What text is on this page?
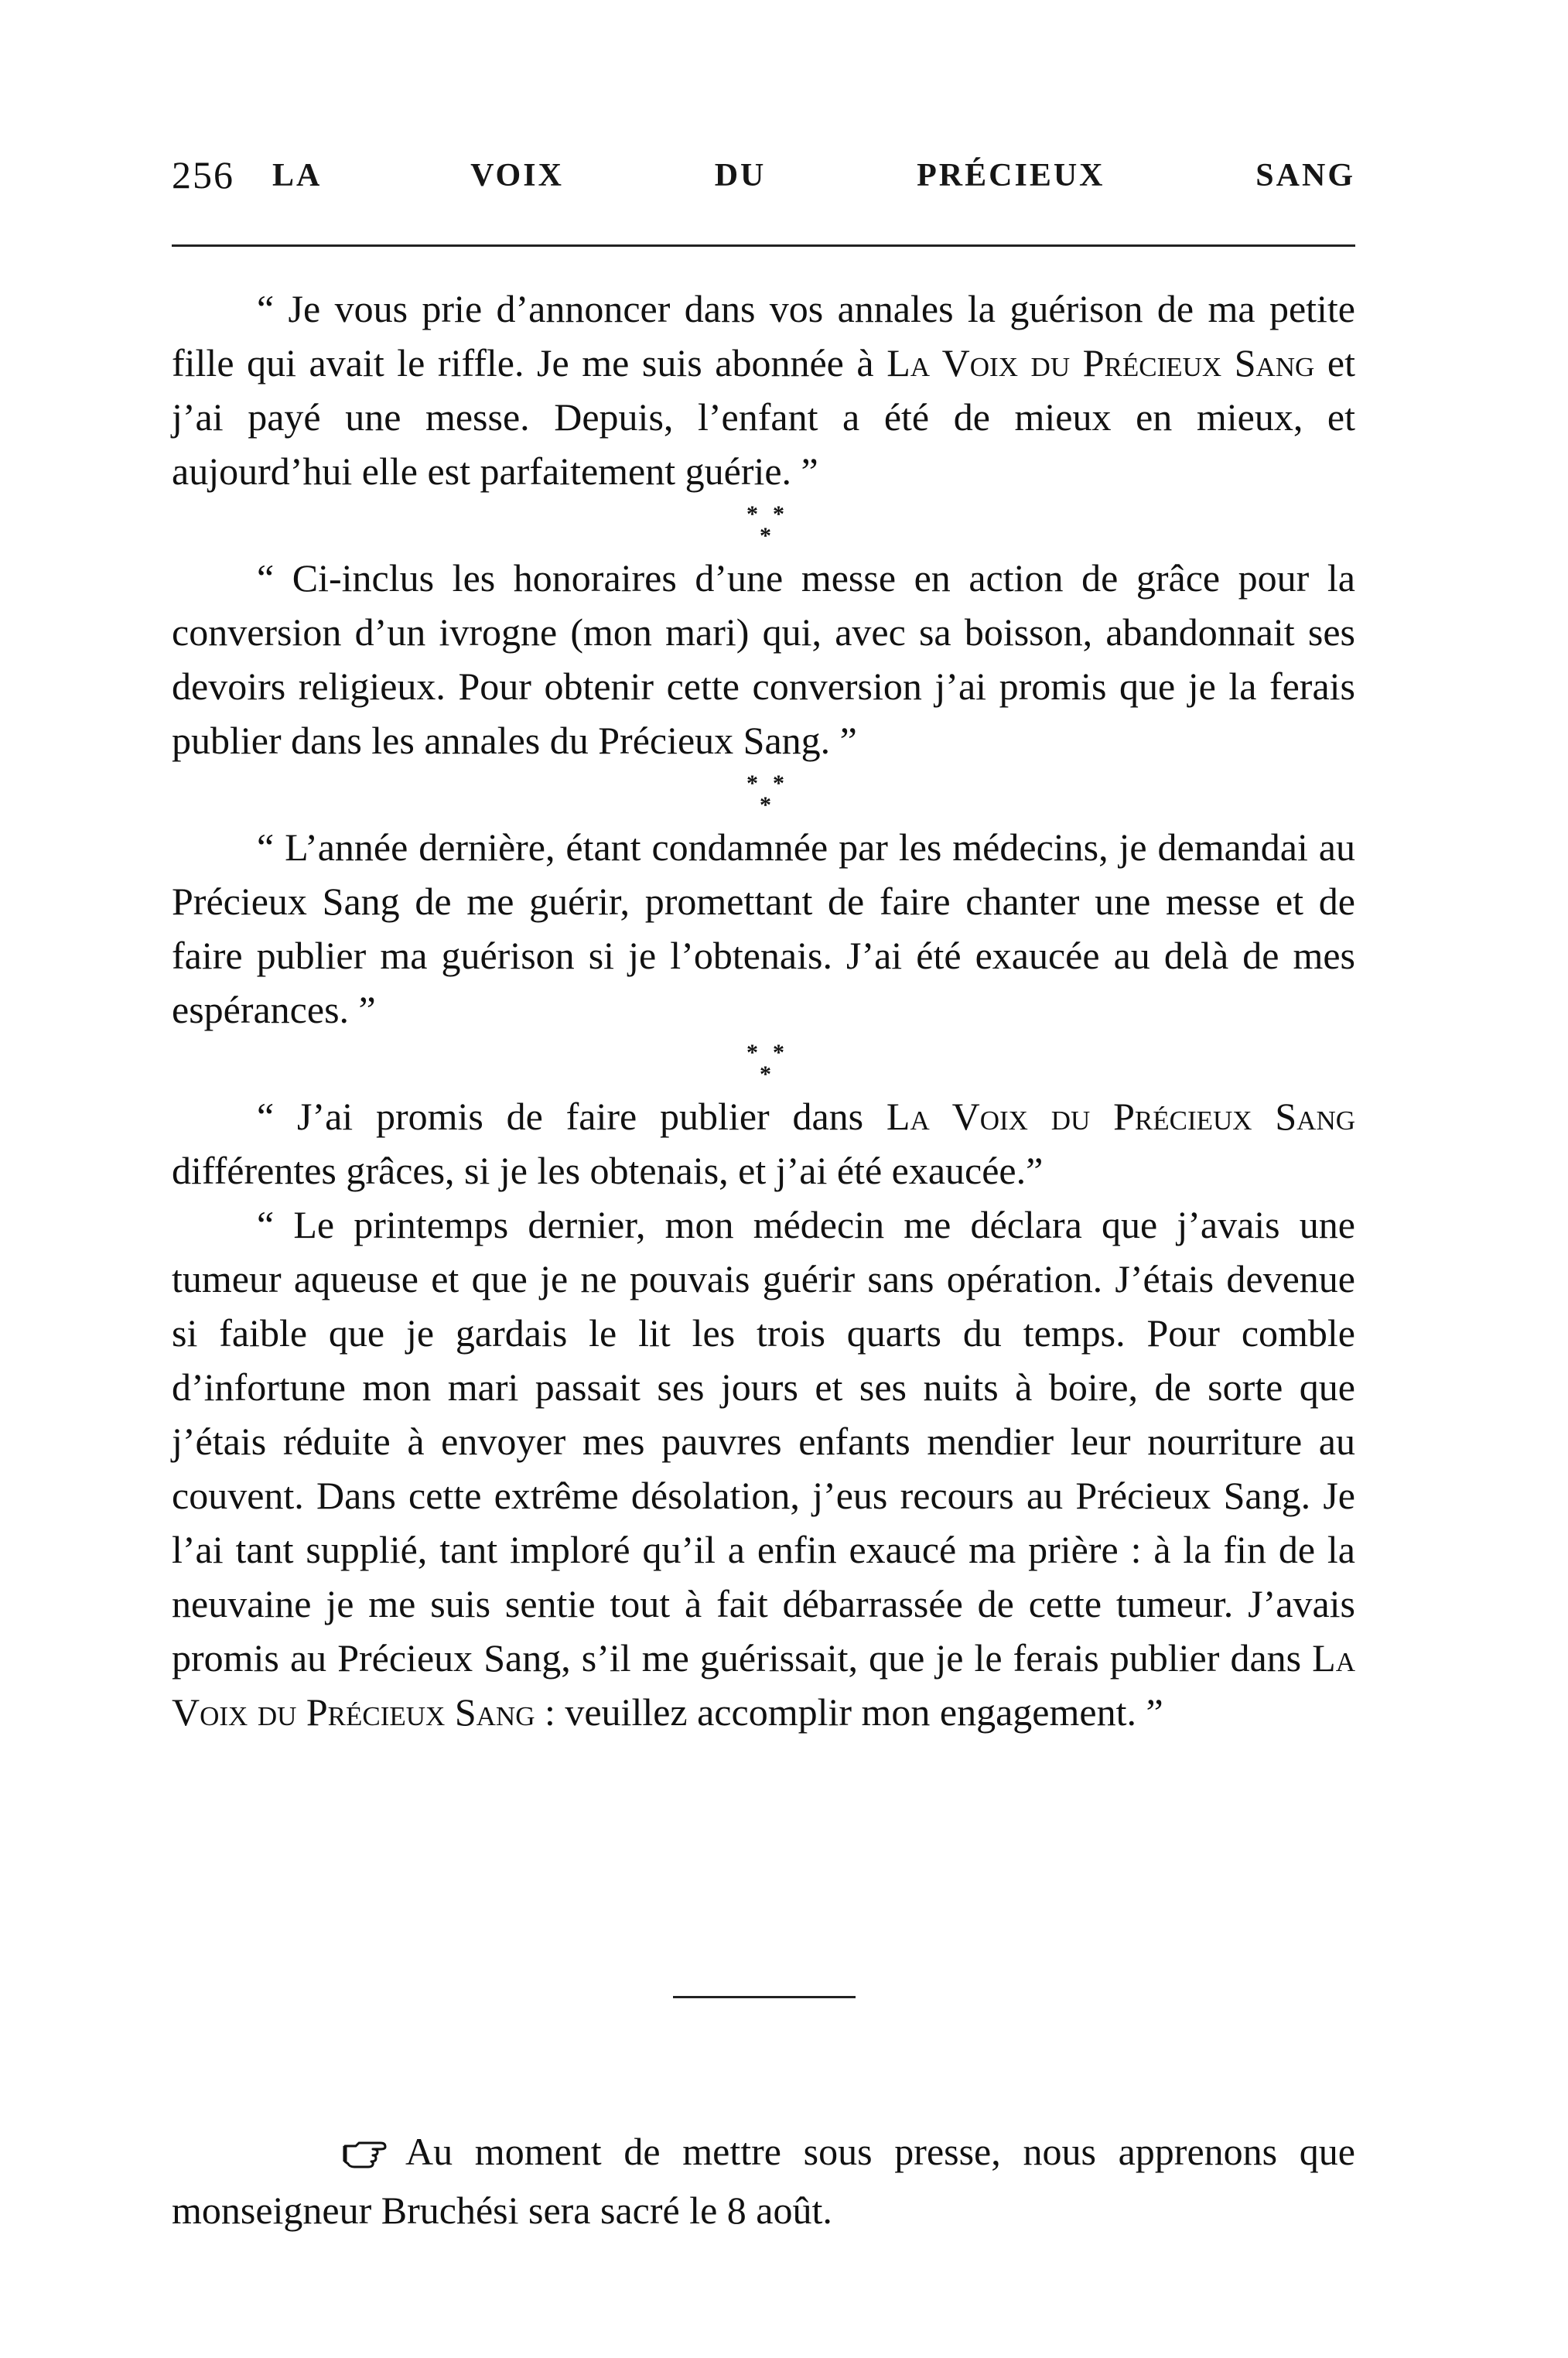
256 LA VOIX DU PRÉCIEUX SANG

“ Je vous prie d’annoncer dans vos annales la guérison de ma petite fille qui avait le riffle. Je me suis abonnée à La Voix du Précieux Sang et j’ai payé une messe. Depuis, l’enfant a été de mieux en mieux, et aujourd’hui elle est parfaitement guérie. ”

* *
*

“ Ci-inclus les honoraires d’une messe en action de grâce pour la conversion d’un ivrogne (mon mari) qui, avec sa boisson, abandonnait ses devoirs religieux. Pour obtenir cette conversion j’ai promis que je la ferais publier dans les annales du Précieux Sang. ”

* *
*

“ L’année dernière, étant condamnée par les médecins, je demandai au Précieux Sang de me guérir, promettant de faire chanter une messe et de faire publier ma guérison si je l’obtenais. J’ai été exaucée au delà de mes espérances. ”

* *
*

“ J’ai promis de faire publier dans La Voix du Précieux Sang différentes grâces, si je les obtenais, et j’ai été exaucée.”

“ Le printemps dernier, mon médecin me déclara que j’avais une tumeur aqueuse et que je ne pouvais guérir sans opération. J’étais devenue si faible que je gardais le lit les trois quarts du temps. Pour comble d’infortune mon mari passait ses jours et ses nuits à boire, de sorte que j’étais réduite à envoyer mes pauvres enfants mendier leur nourriture au couvent. Dans cette extrême désolation, j’eus recours au Précieux Sang. Je l’ai tant supplié, tant imploré qu’il a enfin exaucé ma prière : à la fin de la neuvaine je me suis sentie tout à fait débarrassée de cette tumeur. J’avais promis au Précieux Sang, s’il me guérissait, que je le ferais publier dans La Voix du Précieux Sang : veuillez accomplir mon engagement. ”

Au moment de mettre sous presse, nous apprenons que monseigneur Bruchési sera sacré le 8 août.
